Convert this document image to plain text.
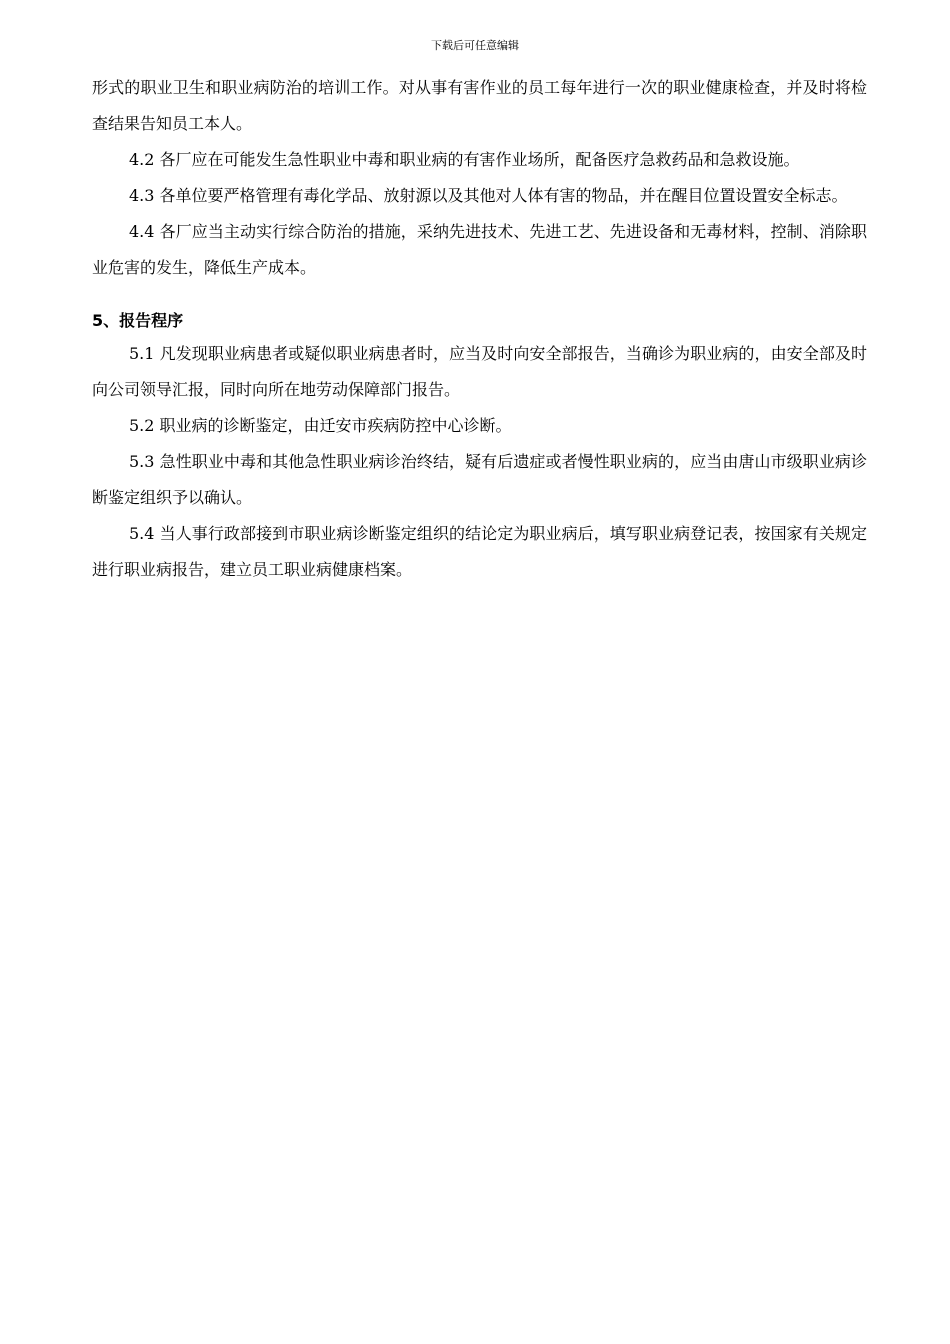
下载后可任意编辑

形式的职业卫生和职业病防治的培训工作。对从事有害作业的员工每年进行一次的职业健康检查，并及时将检查结果告知员工本人。

4.2 各厂应在可能发生急性职业中毒和职业病的有害作业场所，配备医疗急救药品和急救设施。

4.3 各单位要严格管理有毒化学品、放射源以及其他对人体有害的物品，并在醒目位置设置安全标志。

4.4 各厂应当主动实行综合防治的措施，采纳先进技术、先进工艺、先进设备和无毒材料，控制、消除职业危害的发生，降低生产成本。

5、报告程序

5.1 凡发现职业病患者或疑似职业病患者时，应当及时向安全部报告，当确诊为职业病的，由安全部及时向公司领导汇报，同时向所在地劳动保障部门报告。

5.2 职业病的诊断鉴定，由迁安市疾病防控中心诊断。

5.3 急性职业中毒和其他急性职业病诊治终结，疑有后遗症或者慢性职业病的，应当由唐山市级职业病诊断鉴定组织予以确认。

5.4 当人事行政部接到市职业病诊断鉴定组织的结论定为职业病后，填写职业病登记表，按国家有关规定进行职业病报告，建立员工职业病健康档案。
